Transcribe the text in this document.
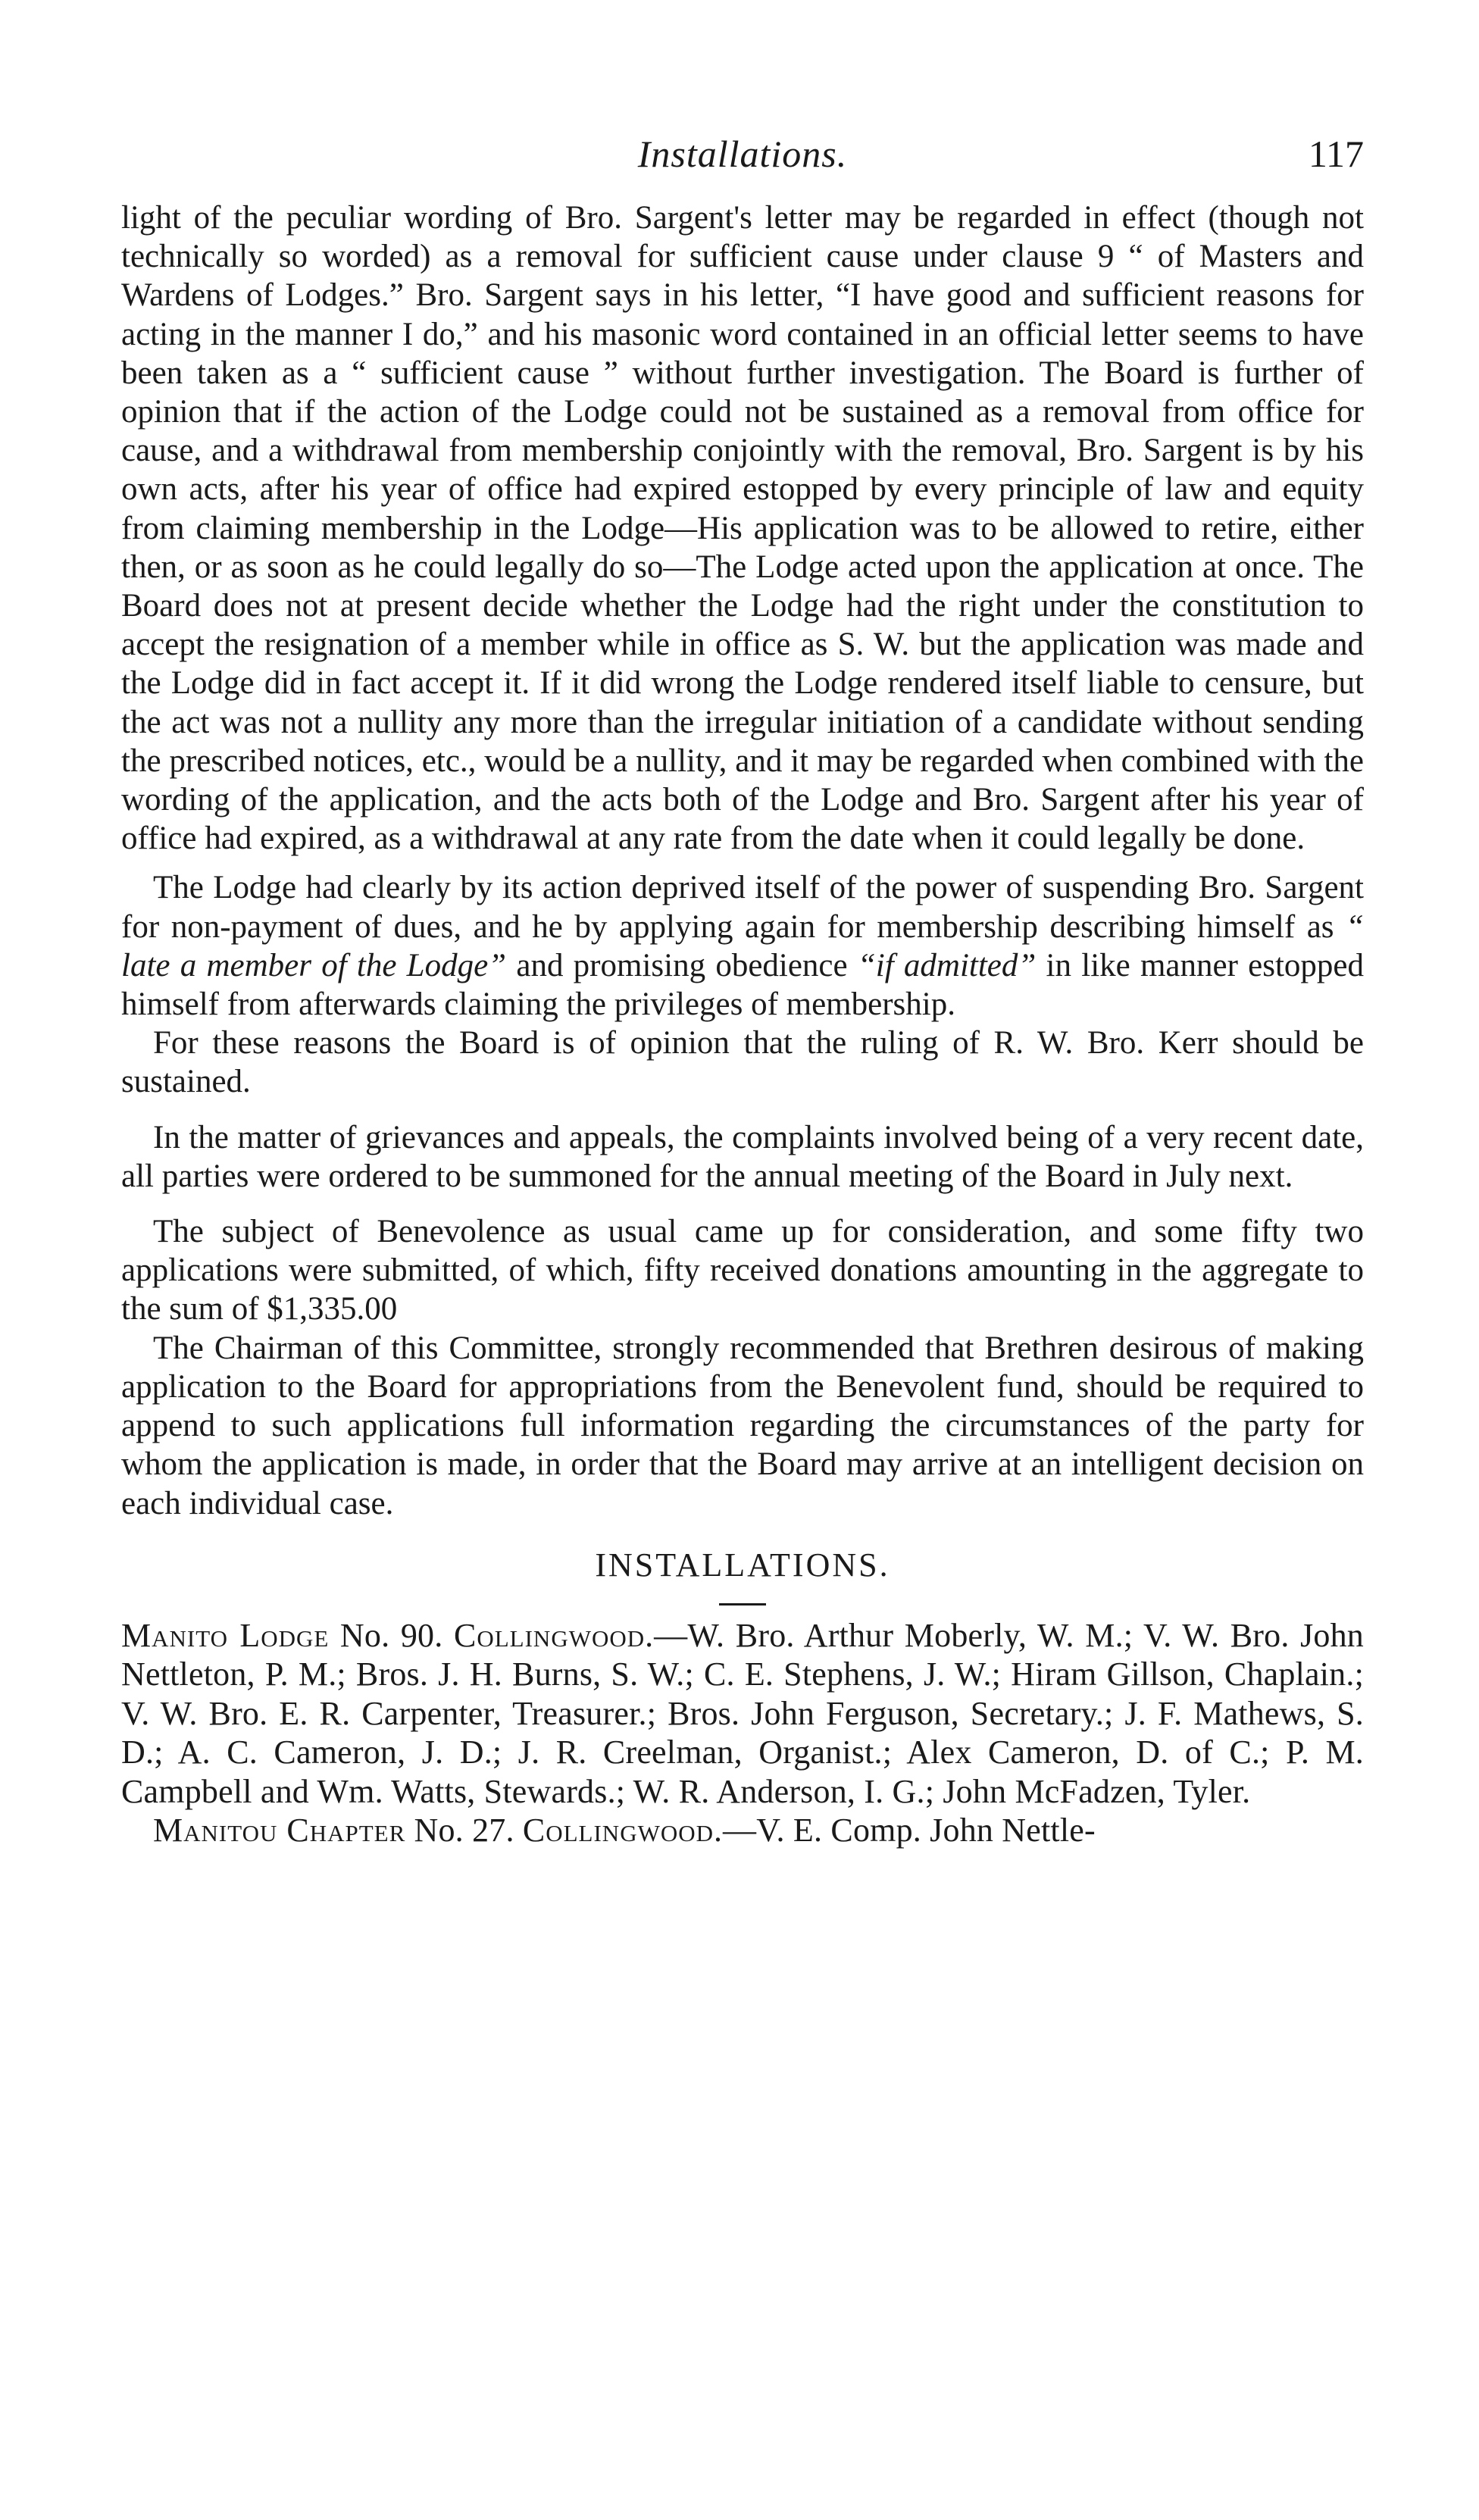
Installations.	117

light of the peculiar wording of Bro. Sargent's letter may be regarded in effect (though not technically so worded) as a removal for sufficient cause under clause 9 “ of Masters and Wardens of Lodges.” Bro. Sargent says in his letter, “I have good and sufficient reasons for acting in the manner I do,” and his masonic word contained in an official letter seems to have been taken as a “ sufficient cause ” without further investigation. The Board is further of opinion that if the action of the Lodge could not be sustained as a removal from office for cause, and a withdrawal from membership conjointly with the removal, Bro. Sargent is by his own acts, after his year of office had expired estopped by every principle of law and equity from claiming membership in the Lodge—His application was to be allowed to retire, either then, or as soon as he could legally do so—The Lodge acted upon the application at once. The Board does not at present decide whether the Lodge had the right under the constitution to accept the resignation of a member while in office as S. W. but the application was made and the Lodge did in fact accept it. If it did wrong the Lodge rendered itself liable to censure, but the act was not a nullity any more than the irregular initiation of a candidate without sending the prescribed notices, etc., would be a nullity, and it may be regarded when combined with the wording of the application, and the acts both of the Lodge and Bro. Sargent after his year of office had expired, as a withdrawal at any rate from the date when it could legally be done.

The Lodge had clearly by its action deprived itself of the power of suspending Bro. Sargent for non-payment of dues, and he by applying again for membership describing himself as “ late a member of the Lodge” and promising obedience “if admitted” in like manner estopped himself from afterwards claiming the privileges of membership.

For these reasons the Board is of opinion that the ruling of R. W. Bro. Kerr should be sustained.

In the matter of grievances and appeals, the complaints involved being of a very recent date, all parties were ordered to be summoned for the annual meeting of the Board in July next.

The subject of Benevolence as usual came up for consideration, and some fifty two applications were submitted, of which, fifty received donations amounting in the aggregate to the sum of $1,335.00

The Chairman of this Committee, strongly recommended that Brethren desirous of making application to the Board for appropriations from the Benevolent fund, should be required to append to such applications full information regarding the circumstances of the party for whom the application is made, in order that the Board may arrive at an intelligent decision on each individual case.

INSTALLATIONS.

Manito Lodge No. 90. Collingwood.—W. Bro. Arthur Moberly, W. M.; V. W. Bro. John Nettleton, P. M.; Bros. J. H. Burns, S. W.; C. E. Stephens, J. W.; Hiram Gillson, Chaplain.; V. W. Bro. E. R. Carpenter, Treasurer.; Bros. John Ferguson, Secretary.; J. F. Mathews, S. D.; A. C. Cameron, J. D.; J. R. Creelman, Organist.; Alex Cameron, D. of C.; P. M. Campbell and Wm. Watts, Stewards.; W. R. Anderson, I. G.; John McFadzen, Tyler.

Manitou Chapter No. 27. Collingwood.—V. E. Comp. John Nettle-
